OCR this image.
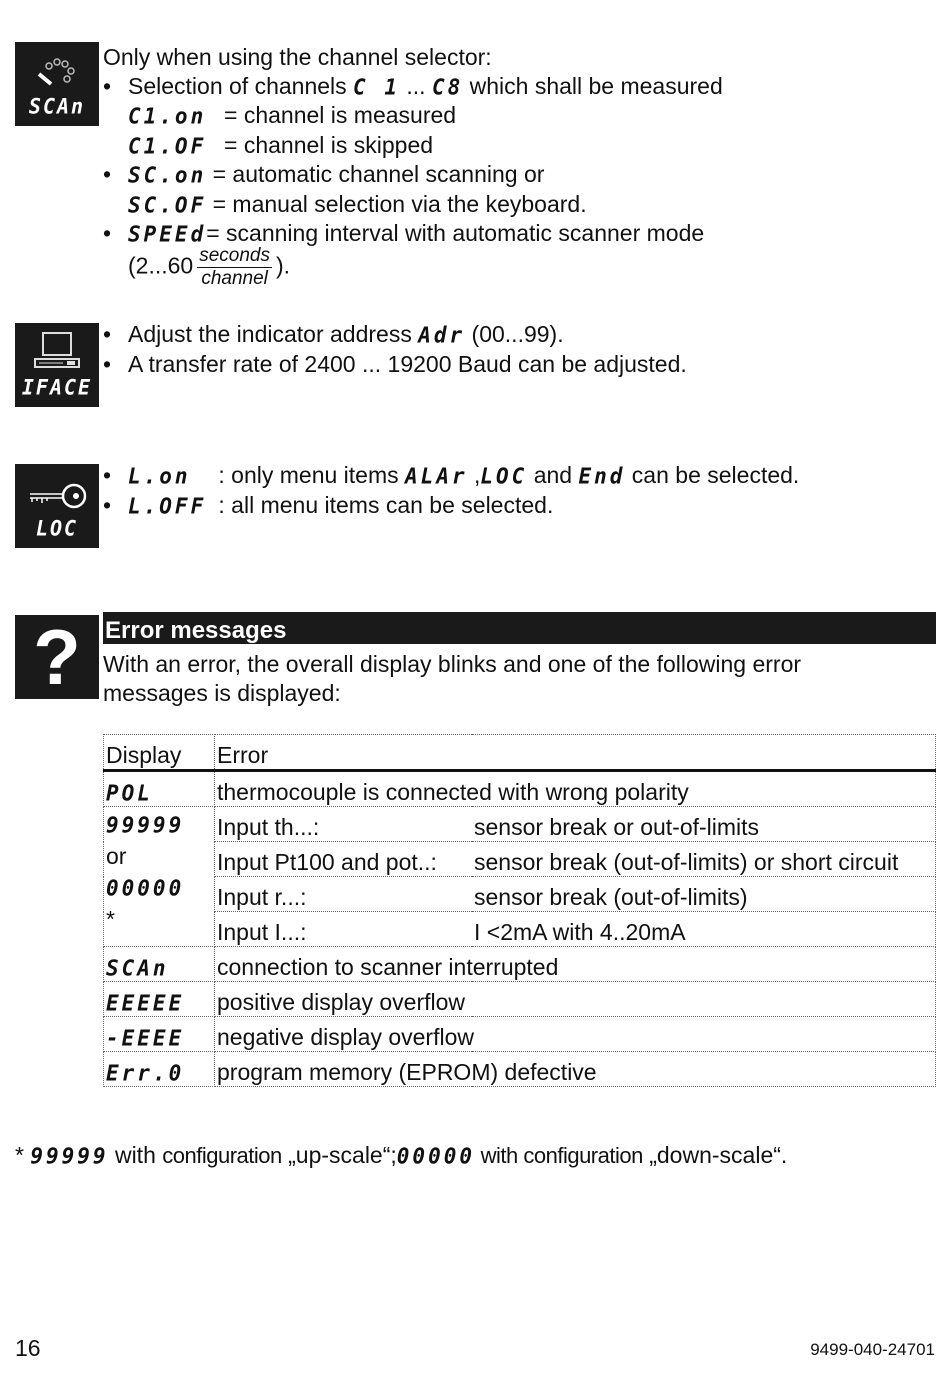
SCAn

Only when using the channel selector:

• Selection of channels C 1 ... C8 which shall be measured

C1.on = channel is measured

C1.OF = channel is skipped

• SC.on = automatic channel scanning or

SC.OF = manual selection via the keyboard.

• SPEEd= scanning interval with automatic scanner mode

($2...60 \frac{\text{seconds}}{\text{channel}}$ ).

IFACE

• Adjust the indicator address Adr (00...99).

• A transfer rate of 2400 ... 19200 Baud can be adjusted.

LOC

• L.on : only menu items ALAr ,LOC and End can be selected.

• L.OFF : all menu items can be selected.

? Error messages
With an error, the overall display blinks and one of the following error messages is displayed:
Display	Error	
POL	thermocouple is connected with wrong polarity	
99999
or
00000
*	Input th...:	sensor break or out-of-limits
	Input Pt100 and pot..:	sensor break (out-of-limits) or short circuit
	Input r...:	sensor break (out-of-limits)
	Input I...:	I <2mA with 4..20mA
SCAn	connection to scanner interrupted	
EEEEE	positive display overflow	
-EEEE	negative display overflow	
Err.0	program memory (EPROM) defective	
* 99999 with configuration „up-scale“;00000 with configuration „down-scale“.
16	9499-040-24701
